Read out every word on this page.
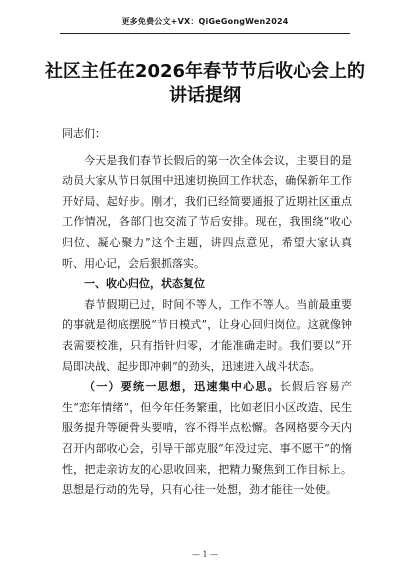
更多免费公文+VX：QiGeGongWen2024
社区主任在2026年春节节后收心会上的讲话提纲

同志们：

今天是我们春节长假后的第一次全体会议，主要目的是动员大家从节日氛围中迅速切换回工作状态，确保新年工作开好局、起好步。刚才，我们已经简要通报了近期社区重点工作情况，各部门也交流了节后安排。现在，我围绕“收心归位、凝心聚力”这个主题，讲四点意见，希望大家认真听、用心记，会后狠抓落实。

一、收心归位，状态复位

春节假期已过，时间不等人，工作不等人。当前最重要的事就是彻底摆脱“节日模式”，让身心回归岗位。这就像钟表需要校准，只有指针归零，才能准确走时。我们要以“开局即决战、起步即冲刺”的劲头，迅速进入战斗状态。

（一）要统一思想，迅速集中心思。长假后容易产生“恋年情绪”，但今年任务繁重，比如老旧小区改造、民生服务提升等硬骨头要啃，容不得半点松懈。各网格要今天内召开内部收心会，引导干部克服“年没过完、事不愿干”的惰性，把走亲访友的心思收回来，把精力聚焦到工作目标上。思想是行动的先导，只有心往一处想，劲才能往一处使。

— 1 —
